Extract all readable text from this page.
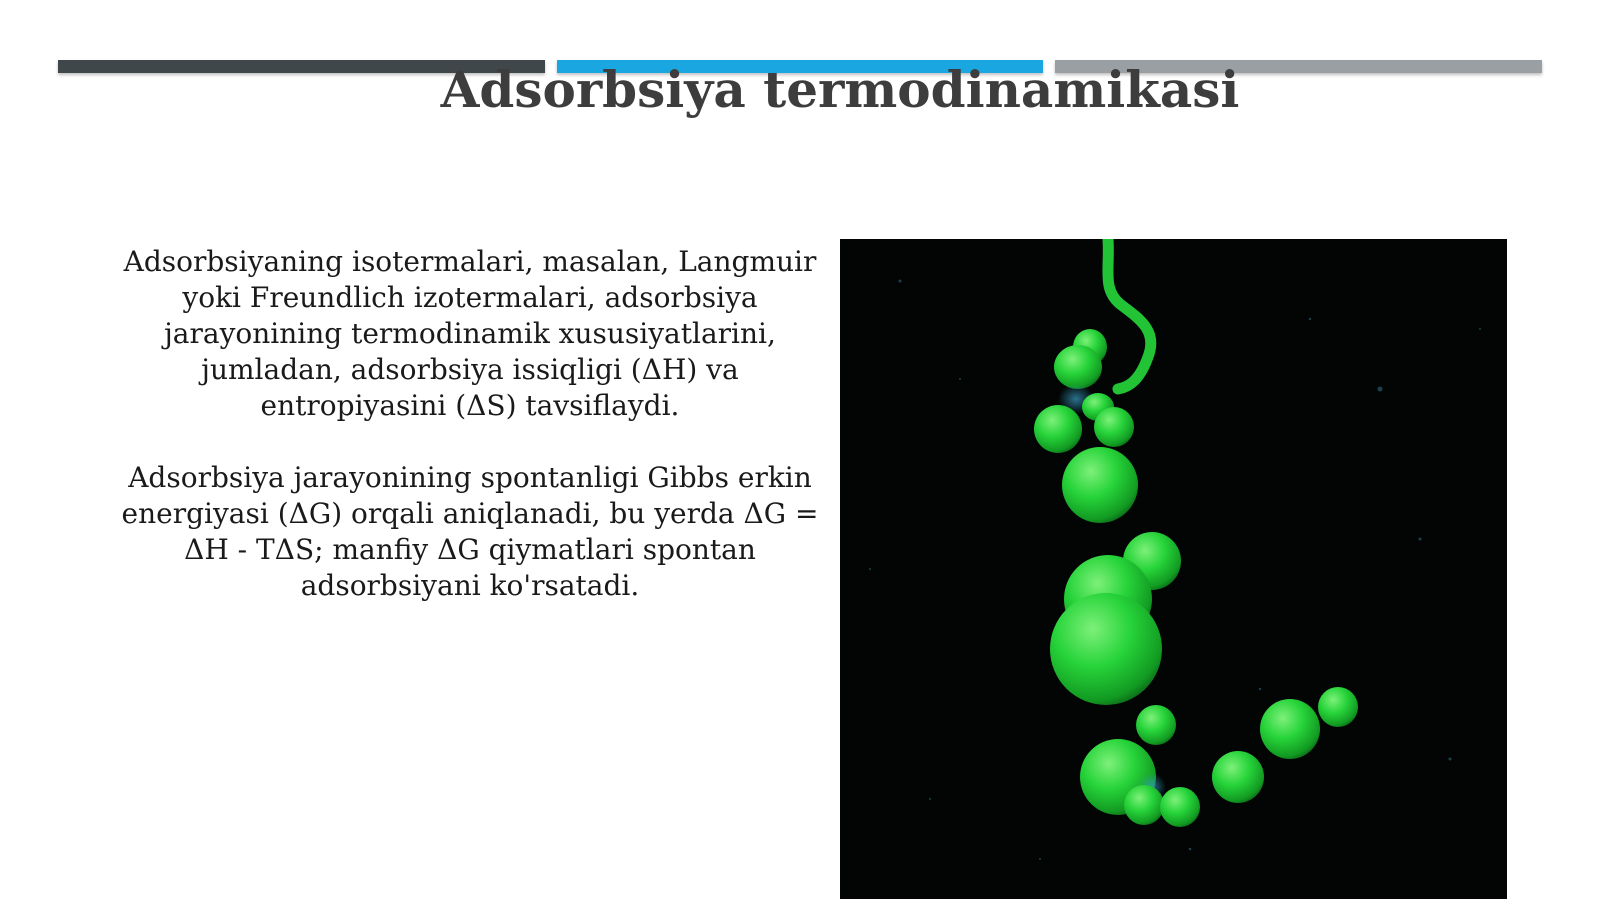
Adsorbsiya termodinamikasi

Adsorbsiyaning isotermalari, masalan, Langmuir yoki Freundlich izotermalari, adsorbsiya jarayonining termodinamik xususiyatlarini, jumladan, adsorbsiya issiqligi (ΔH) va entropiyasini (ΔS) tavsiflaydi.

Adsorbsiya jarayonining spontanligi Gibbs erkin energiyasi (ΔG) orqali aniqlanadi, bu yerda ΔG = ΔH - TΔS; manfiy ΔG qiymatlari spontan adsorbsiyani ko'rsatadi.
